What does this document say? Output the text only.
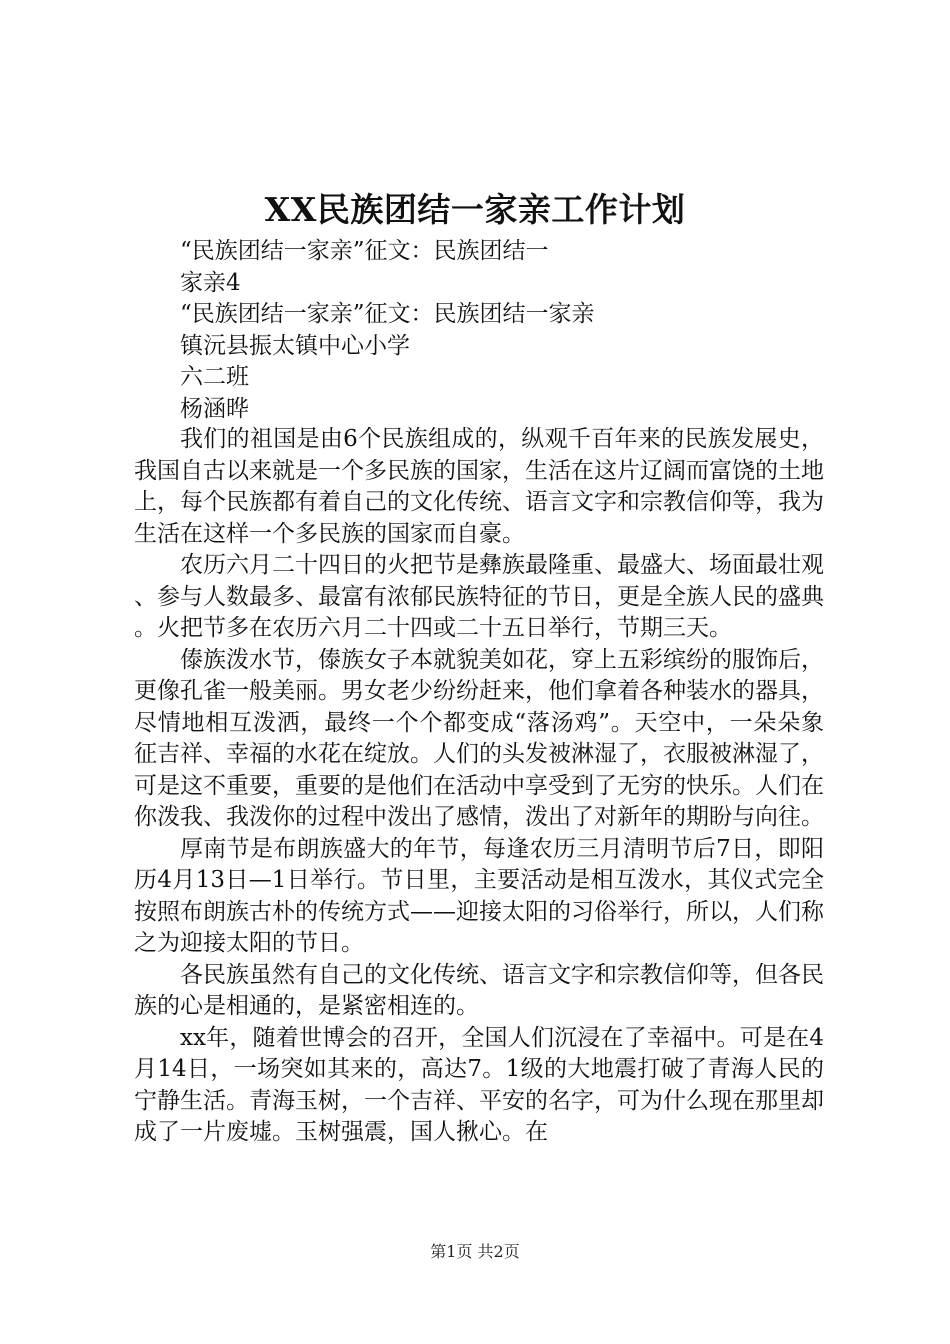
XX民族团结一家亲工作计划
“民族团结一家亲”征文：民族团结一
家亲4
“民族团结一家亲”征文：民族团结一家亲
镇沅县振太镇中心小学
六二班
杨涵晔

我们的祖国是由6个民族组成的，纵观千百年来的民族发展史，我国自古以来就是一个多民族的国家，生活在这片辽阔而富饶的土地上，每个民族都有着自己的文化传统、语言文字和宗教信仰等，我为生活在这样一个多民族的国家而自豪。

农历六月二十四日的火把节是彝族最隆重、最盛大、场面最壮观、参与人数最多、最富有浓郁民族特征的节日，更是全族人民的盛典。火把节多在农历六月二十四或二十五日举行，节期三天。

傣族泼水节，傣族女子本就貌美如花，穿上五彩缤纷的服饰后，更像孔雀一般美丽。男女老少纷纷赶来，他们拿着各种装水的器具，尽情地相互泼洒，最终一个个都变成“落汤鸡”。天空中，一朵朵象征吉祥、幸福的水花在绽放。人们的头发被淋湿了，衣服被淋湿了，可是这不重要，重要的是他们在活动中享受到了无穷的快乐。人们在你泼我、我泼你的过程中泼出了感情，泼出了对新年的期盼与向往。

厚南节是布朗族盛大的年节，每逢农历三月清明节后7日，即阳历4月13日—1日举行。节日里，主要活动是相互泼水，其仪式完全按照布朗族古朴的传统方式——迎接太阳的习俗举行，所以，人们称之为迎接太阳的节日。

各民族虽然有自己的文化传统、语言文字和宗教信仰等，但各民族的心是相通的，是紧密相连的。

xx年，随着世博会的召开，全国人们沉浸在了幸福中。可是在4月14日，一场突如其来的，高达7。1级的大地震打破了青海人民的宁静生活。青海玉树，一个吉祥、平安的名字，可为什么现在那里却成了一片废墟。玉树强震，国人揪心。在

第1页 共2页
